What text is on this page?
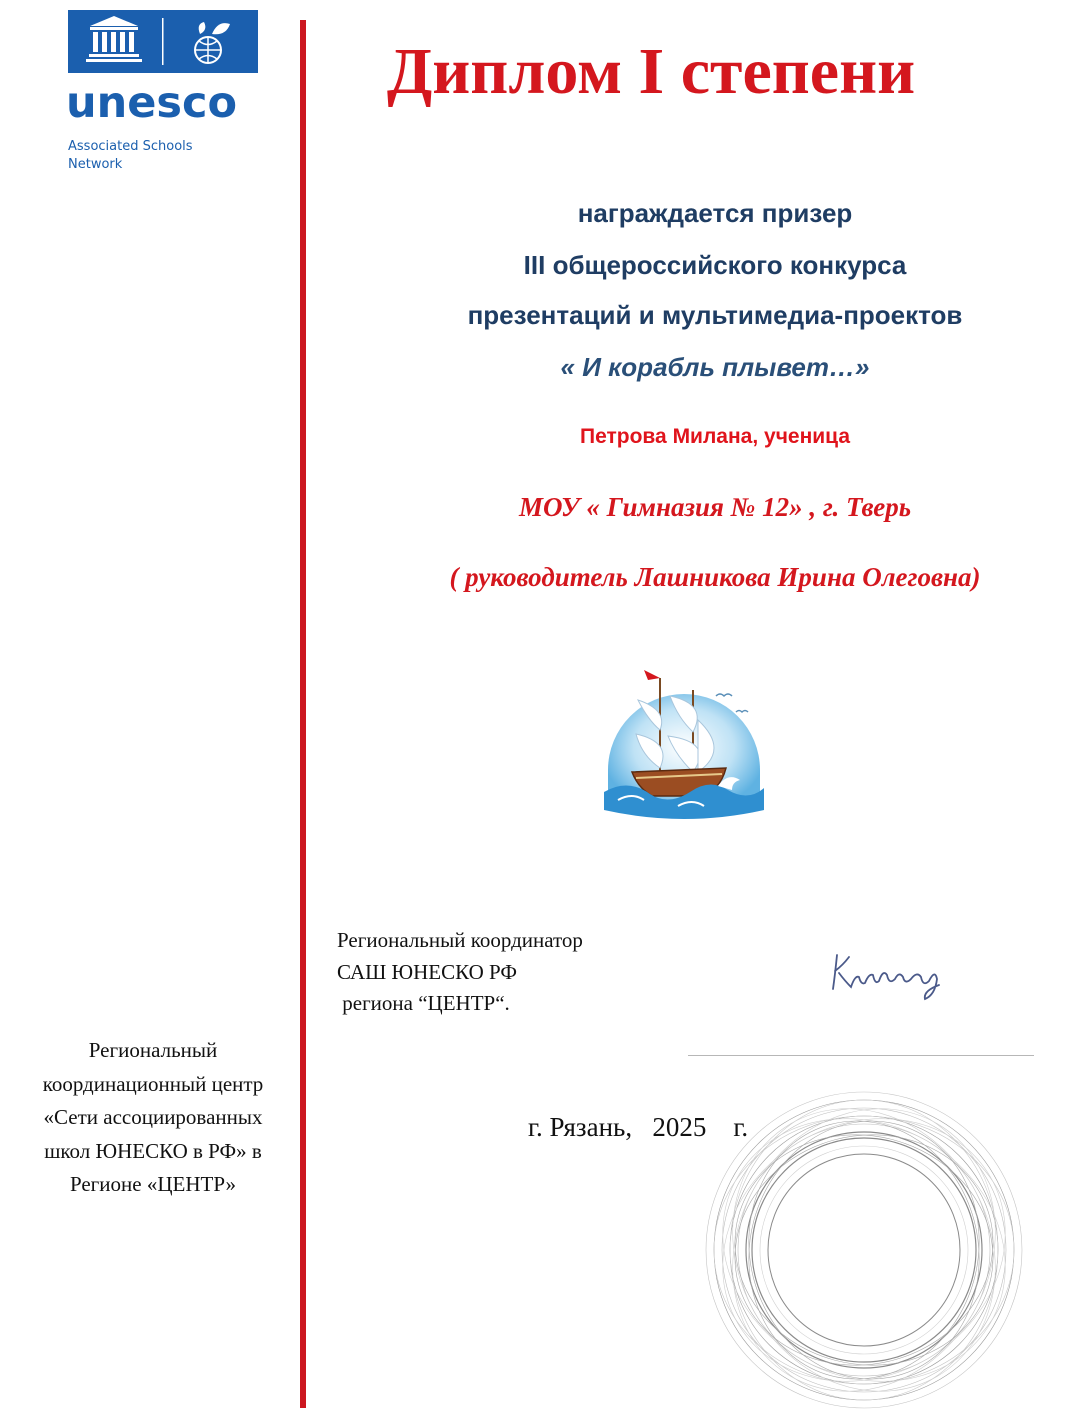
unesco
Associated Schools
Network
Диплом I степени
награждается призер
III общероссийского конкурса
презентаций и мультимедиа-проектов
« И корабль плывет…»
Петрова Милана, ученица
МОУ « Гимназия № 12» , г. Тверь
( руководитель Лашникова Ирина Олеговна)
Региональный координатор
САШ ЮНЕСКО РФ
региона “ЦЕНТР“.
г. Рязань,   2025    г.
Региональный координационный центр «Сети ассоциированных школ ЮНЕСКО в РФ» в Регионе «ЦЕНТР»
